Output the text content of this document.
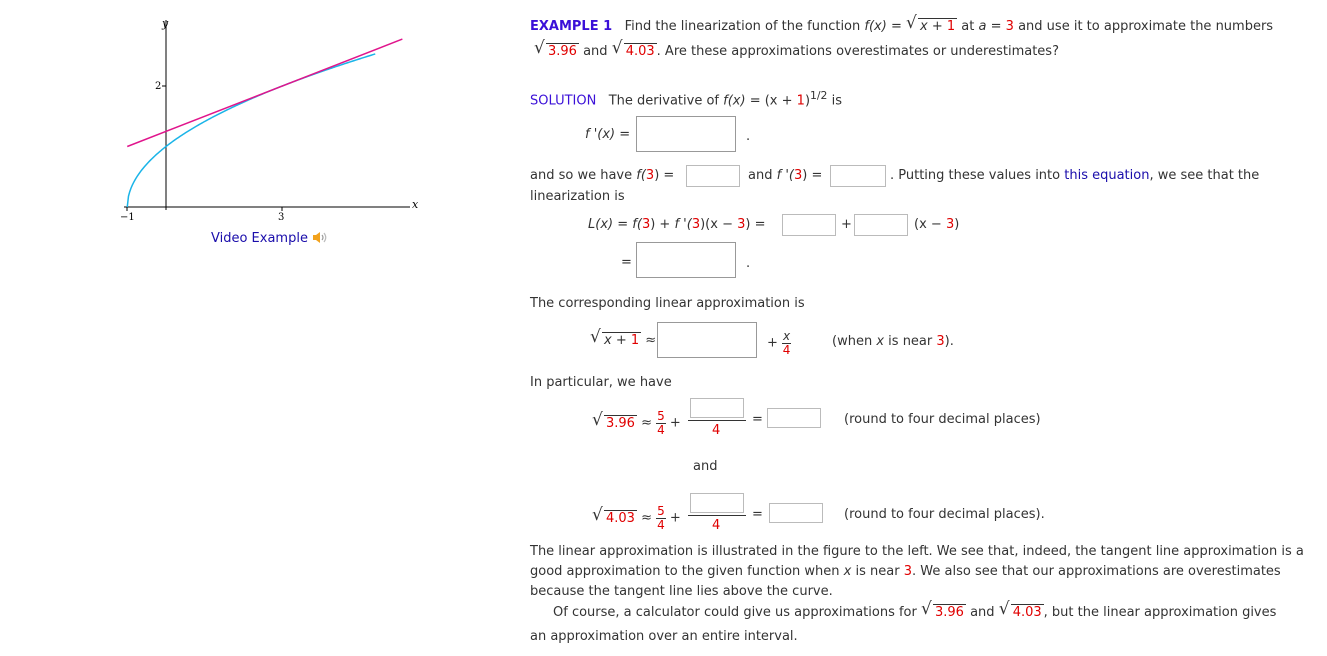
y
x
2
−1	3
Video Example
EXAMPLE 1 Find the linearization of the function f(x) = √ x + 1 at a = 3 and use it to approximate the numbers
√ 3.96 and √ 4.03 . Are these approximations overestimates or underestimates?
SOLUTION The derivative of $f(x) = (x + 1)^{1/2}$ is
f '(x) =	.
and so we have f(3) =	and f '(3) =	. Putting these values into this equation, we see that the
linearization is
L(x) = f(3) + f '(3)(x − 3) =	+	(x − 3)
=	.
The corresponding linear approximation is
√ x + 1 ≈	+ $\frac{x}{4}$	(when x is near 3).
In particular, we have
√ $3.96 \approx \frac{5}{4} + 4$
=	(round to four decimal places)
and
√ $4.03 \approx \frac{5}{4} + 4$
=	(round to four decimal places).
The linear approximation is illustrated in the figure to the left. We see that, indeed, the tangent line approximation is a
good approximation to the given function when x is near 3. We also see that our approximations are overestimates
because the tangent line lies above the curve.
Of course, a calculator could give us approximations for √ 3.96 and √ 4.03 , but the linear approximation gives
an approximation over an entire interval.
